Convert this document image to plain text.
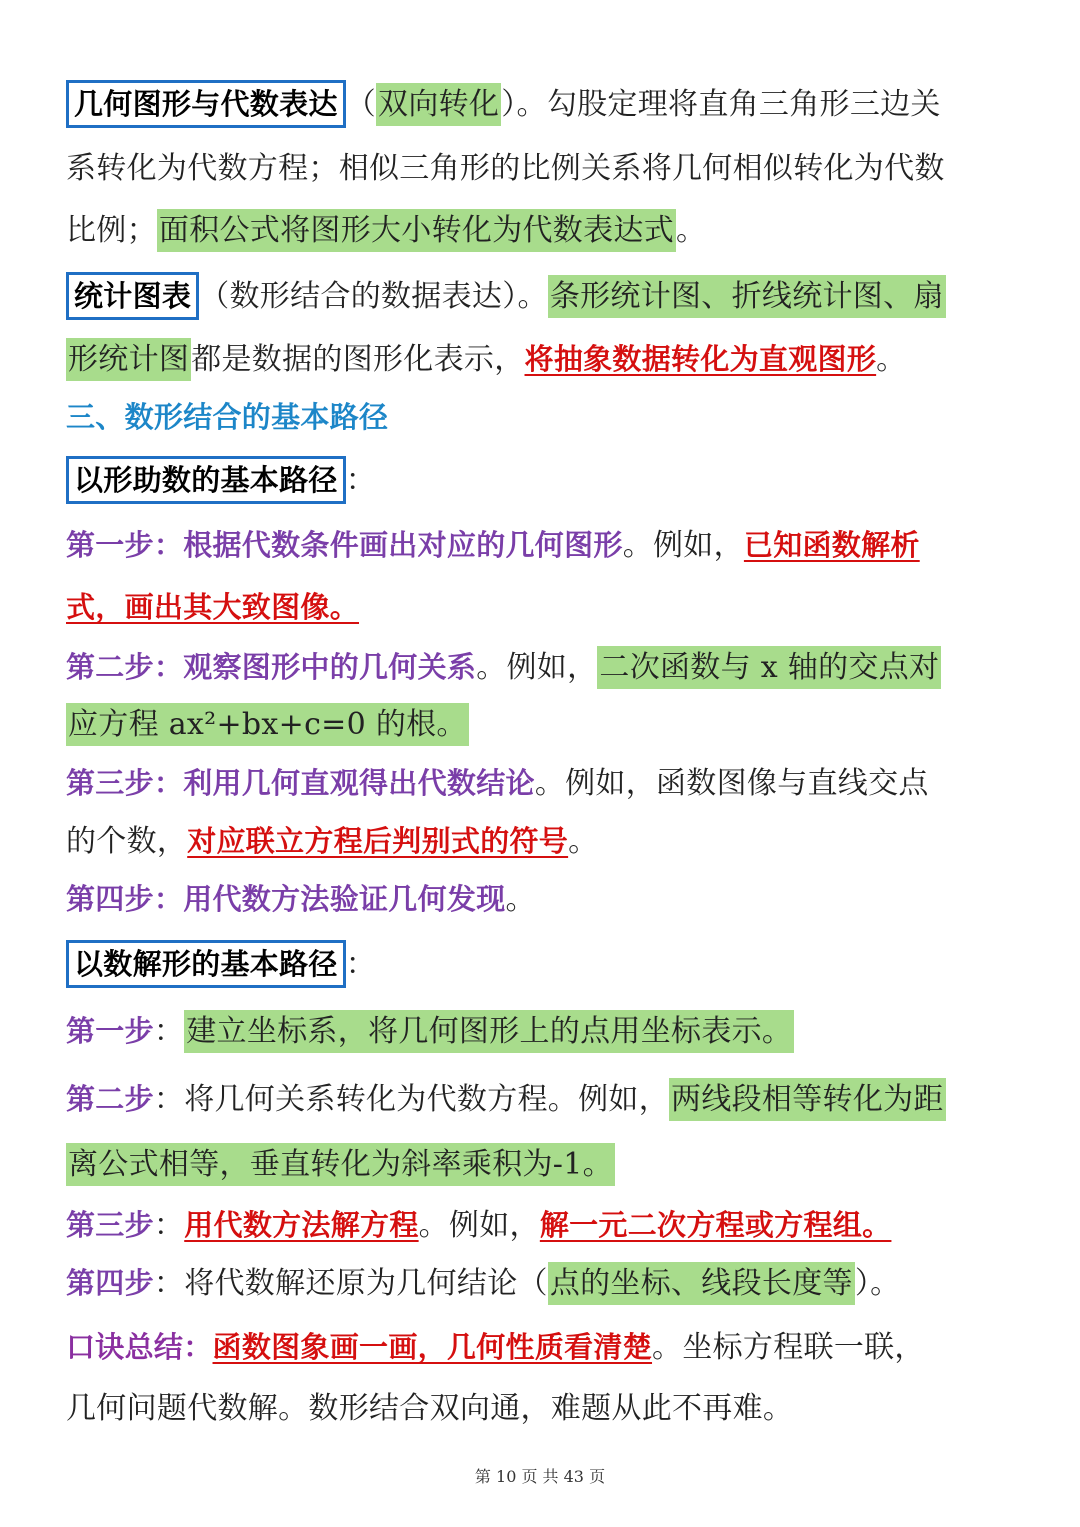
几何图形与代数表达 （双向转化）。勾股定理将直角三角形三边关
系转化为代数方程；相似三角形的比例关系将几何相似转化为代数
比例；面积公式将图形大小转化为代数表达式。
统计图表 （数形结合的数据表达）。条形统计图、折线统计图、扇
形统计图都是数据的图形化表示，将抽象数据转化为直观图形。
三、数形结合的基本路径
以形助数的基本路径 ：
第一步：根据代数条件画出对应的几何图形。例如，已知函数解析
式，画出其大致图像。
第二步：观察图形中的几何关系。例如，二次函数与 x 轴的交点对
应方程 ax²+bx+c=0 的根。
第三步：利用几何直观得出代数结论。例如，函数图像与直线交点
的个数，对应联立方程后判别式的符号。
第四步：用代数方法验证几何发现。
以数解形的基本路径 ：
第一步：建立坐标系，将几何图形上的点用坐标表示。
第二步：将几何关系转化为代数方程。例如，两线段相等转化为距
离公式相等，垂直转化为斜率乘积为-1。
第三步：用代数方法解方程。例如，解一元二次方程或方程组。
第四步：将代数解还原为几何结论（点的坐标、线段长度等）。
口诀总结：函数图象画一画，几何性质看清楚。坐标方程联一联，
几何问题代数解。数形结合双向通，难题从此不再难。
第 10 页 共 43 页
